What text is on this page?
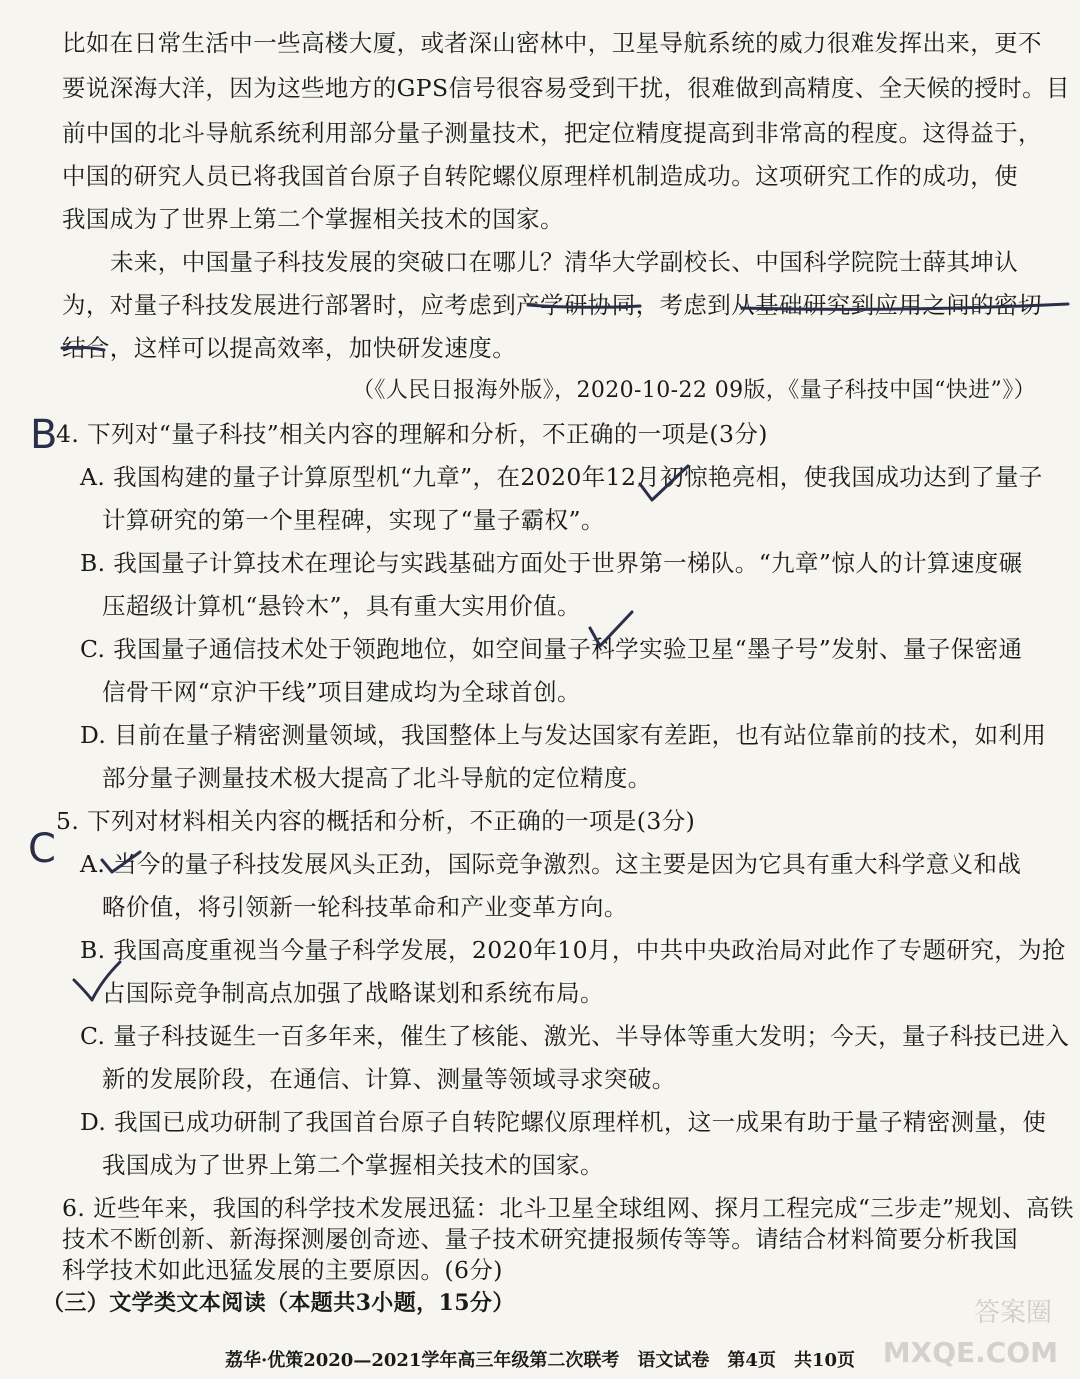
比如在日常生活中一些高楼大厦，或者深山密林中，卫星导航系统的威力很难发挥出来，更不
要说深海大洋，因为这些地方的GPS信号很容易受到干扰，很难做到高精度、全天候的授时。目
前中国的北斗导航系统利用部分量子测量技术，把定位精度提高到非常高的程度。这得益于，
中国的研究人员已将我国首台原子自转陀螺仪原理样机制造成功。这项研究工作的成功，使
我国成为了世界上第二个掌握相关技术的国家。
未来，中国量子科技发展的突破口在哪儿？清华大学副校长、中国科学院院士薛其坤认
为，对量子科技发展进行部署时，应考虑到产学研协同，考虑到从基础研究到应用之间的密切
结合，这样可以提高效率，加快研发速度。
（《人民日报海外版》，2020-10-22 09版，《量子科技中国“快进”》）
4. 下列对“量子科技”相关内容的理解和分析，不正确的一项是(3分)
A. 我国构建的量子计算原型机“九章”，在2020年12月初惊艳亮相，使我国成功达到了量子
计算研究的第一个里程碑，实现了“量子霸权”。
B. 我国量子计算技术在理论与实践基础方面处于世界第一梯队。“九章”惊人的计算速度碾
压超级计算机“悬铃木”，具有重大实用价值。
C. 我国量子通信技术处于领跑地位，如空间量子科学实验卫星“墨子号”发射、量子保密通
信骨干网“京沪干线”项目建成均为全球首创。
D. 目前在量子精密测量领域，我国整体上与发达国家有差距，也有站位靠前的技术，如利用
部分量子测量技术极大提高了北斗导航的定位精度。
5. 下列对材料相关内容的概括和分析，不正确的一项是(3分)
A. 当今的量子科技发展风头正劲，国际竞争激烈。这主要是因为它具有重大科学意义和战
略价值，将引领新一轮科技革命和产业变革方向。
B. 我国高度重视当今量子科学发展，2020年10月，中共中央政治局对此作了专题研究，为抢
占国际竞争制高点加强了战略谋划和系统布局。
C. 量子科技诞生一百多年来，催生了核能、激光、半导体等重大发明；今天，量子科技已进入
新的发展阶段，在通信、计算、测量等领域寻求突破。
D. 我国已成功研制了我国首台原子自转陀螺仪原理样机，这一成果有助于量子精密测量，使
我国成为了世界上第二个掌握相关技术的国家。
6. 近些年来，我国的科学技术发展迅猛：北斗卫星全球组网、探月工程完成“三步走”规划、高铁
技术不断创新、新海探测屡创奇迹、量子技术研究捷报频传等等。请结合材料简要分析我国
科学技术如此迅猛发展的主要原因。(6分)
（三）文学类文本阅读（本题共3小题，15分）
荔华·优策2020—2021学年高三年级第二次联考　语文试卷　第4页　共10页
B
C
答案圈
MXQE.COM
